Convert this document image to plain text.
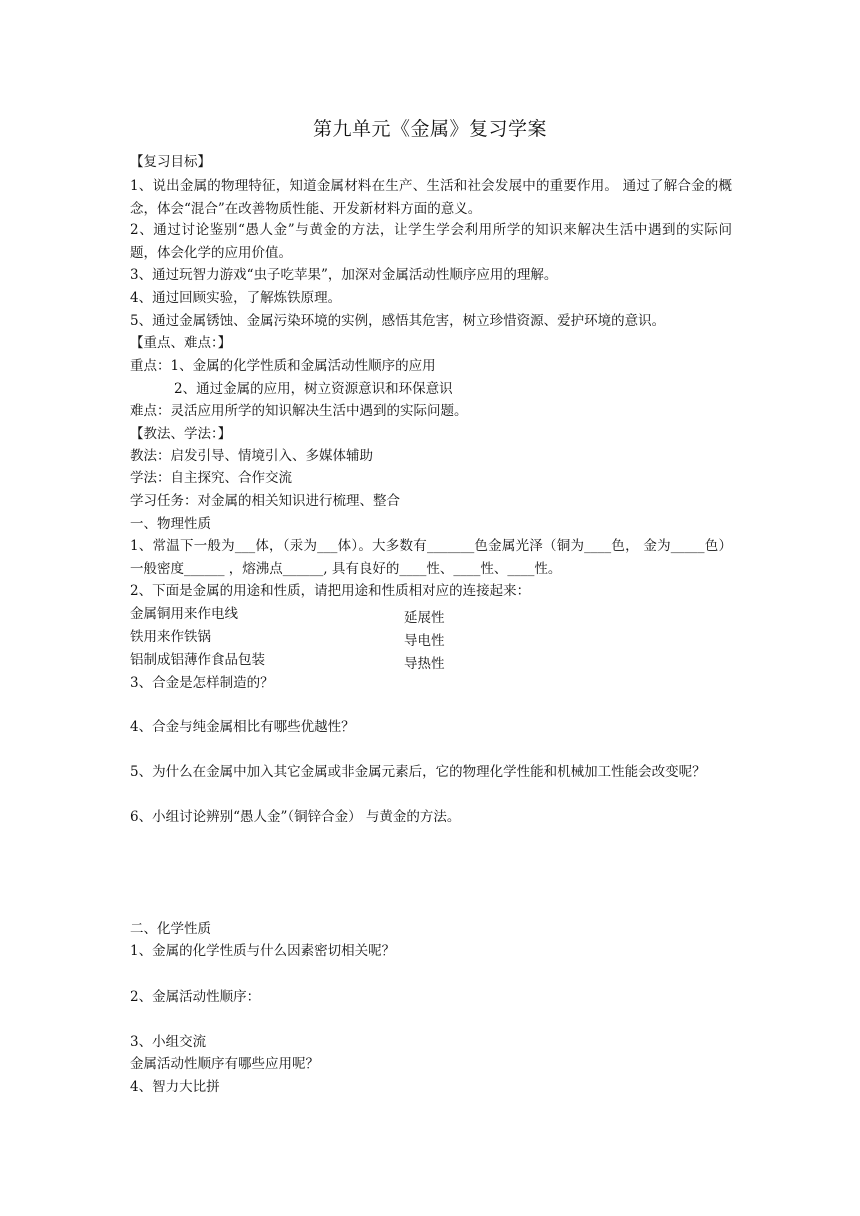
第九单元《金属》复习学案
【复习目标】
1、说出金属的物理特征，知道金属材料在生产、生活和社会发展中的重要作用。 通过了解合金的概念，体会“混合”在改善物质性能、开发新材料方面的意义。
2、通过讨论鉴别“愚人金”与黄金的方法，让学生学会利用所学的知识来解决生活中遇到的实际问题，体会化学的应用价值。
3、通过玩智力游戏“虫子吃苹果”，加深对金属活动性顺序应用的理解。
4、通过回顾实验，了解炼铁原理。
5、通过金属锈蚀、金属污染环境的实例，感悟其危害，树立珍惜资源、爱护环境的意识。
【重点、难点：】
重点：1、金属的化学性质和金属活动性顺序的应用
2、通过金属的应用，树立资源意识和环保意识
难点：灵活应用所学的知识解决生活中遇到的实际问题。
【教法、学法：】
教法：启发引导、情境引入、多媒体辅助
学法：自主探究、合作交流
学习任务：对金属的相关知识进行梳理、整合
一、物理性质
1、常温下一般为___体，（汞为___体）。大多数有_______色金属光泽（铜为____色， 金为_____色）一般密度______ ，熔沸点______, 具有良好的____性、____性、____性。
2、下面是金属的用途和性质，请把用途和性质相对应的连接起来：
金属铜用来作电线	延展性
铁用来作铁锅	导电性
铝制成铝薄作食品包装	导热性
3、合金是怎样制造的？
4、合金与纯金属相比有哪些优越性？
5、为什么在金属中加入其它金属或非金属元素后，它的物理化学性能和机械加工性能会改变呢？
6、小组讨论辨别“愚人金”（铜锌合金） 与黄金的方法。
二、化学性质
1、金属的化学性质与什么因素密切相关呢？
2、金属活动性顺序：
3、小组交流
金属活动性顺序有哪些应用呢？
4、智力大比拼
